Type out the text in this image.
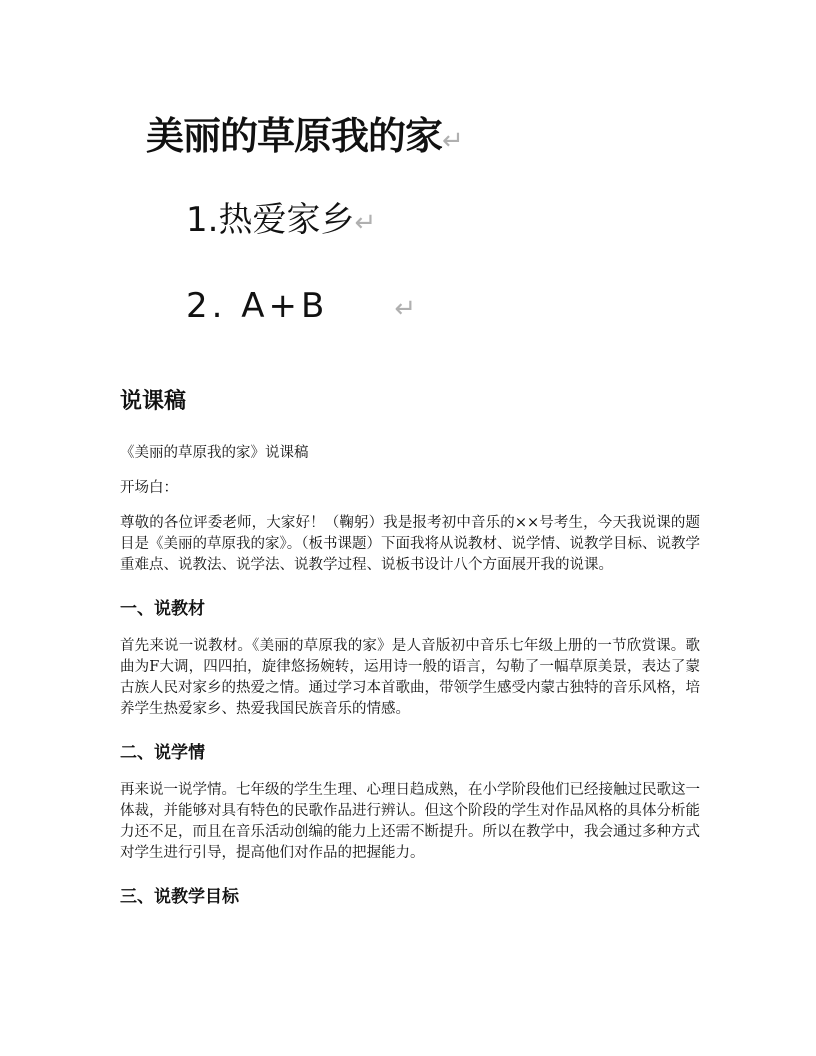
美丽的草原我的家↵
1.热爱家乡↵
2. A+B	↵
说课稿

《美丽的草原我的家》说课稿

开场白：

尊敬的各位评委老师，大家好！（鞠躬）我是报考初中音乐的××号考生，今天我说课的题目是《美丽的草原我的家》。（板书课题）下面我将从说教材、说学情、说教学目标、说教学重难点、说教法、说学法、说教学过程、说板书设计八个方面展开我的说课。

一、说教材

首先来说一说教材。《美丽的草原我的家》是人音版初中音乐七年级上册的一节欣赏课。歌曲为F大调，四四拍，旋律悠扬婉转，运用诗一般的语言，勾勒了一幅草原美景，表达了蒙古族人民对家乡的热爱之情。通过学习本首歌曲，带领学生感受内蒙古独特的音乐风格，培养学生热爱家乡、热爱我国民族音乐的情感。

二、说学情

再来说一说学情。七年级的学生生理、心理日趋成熟，在小学阶段他们已经接触过民歌这一体裁，并能够对具有特色的民歌作品进行辨认。但这个阶段的学生对作品风格的具体分析能力还不足，而且在音乐活动创编的能力上还需不断提升。所以在教学中，我会通过多种方式对学生进行引导，提高他们对作品的把握能力。

三、说教学目标
